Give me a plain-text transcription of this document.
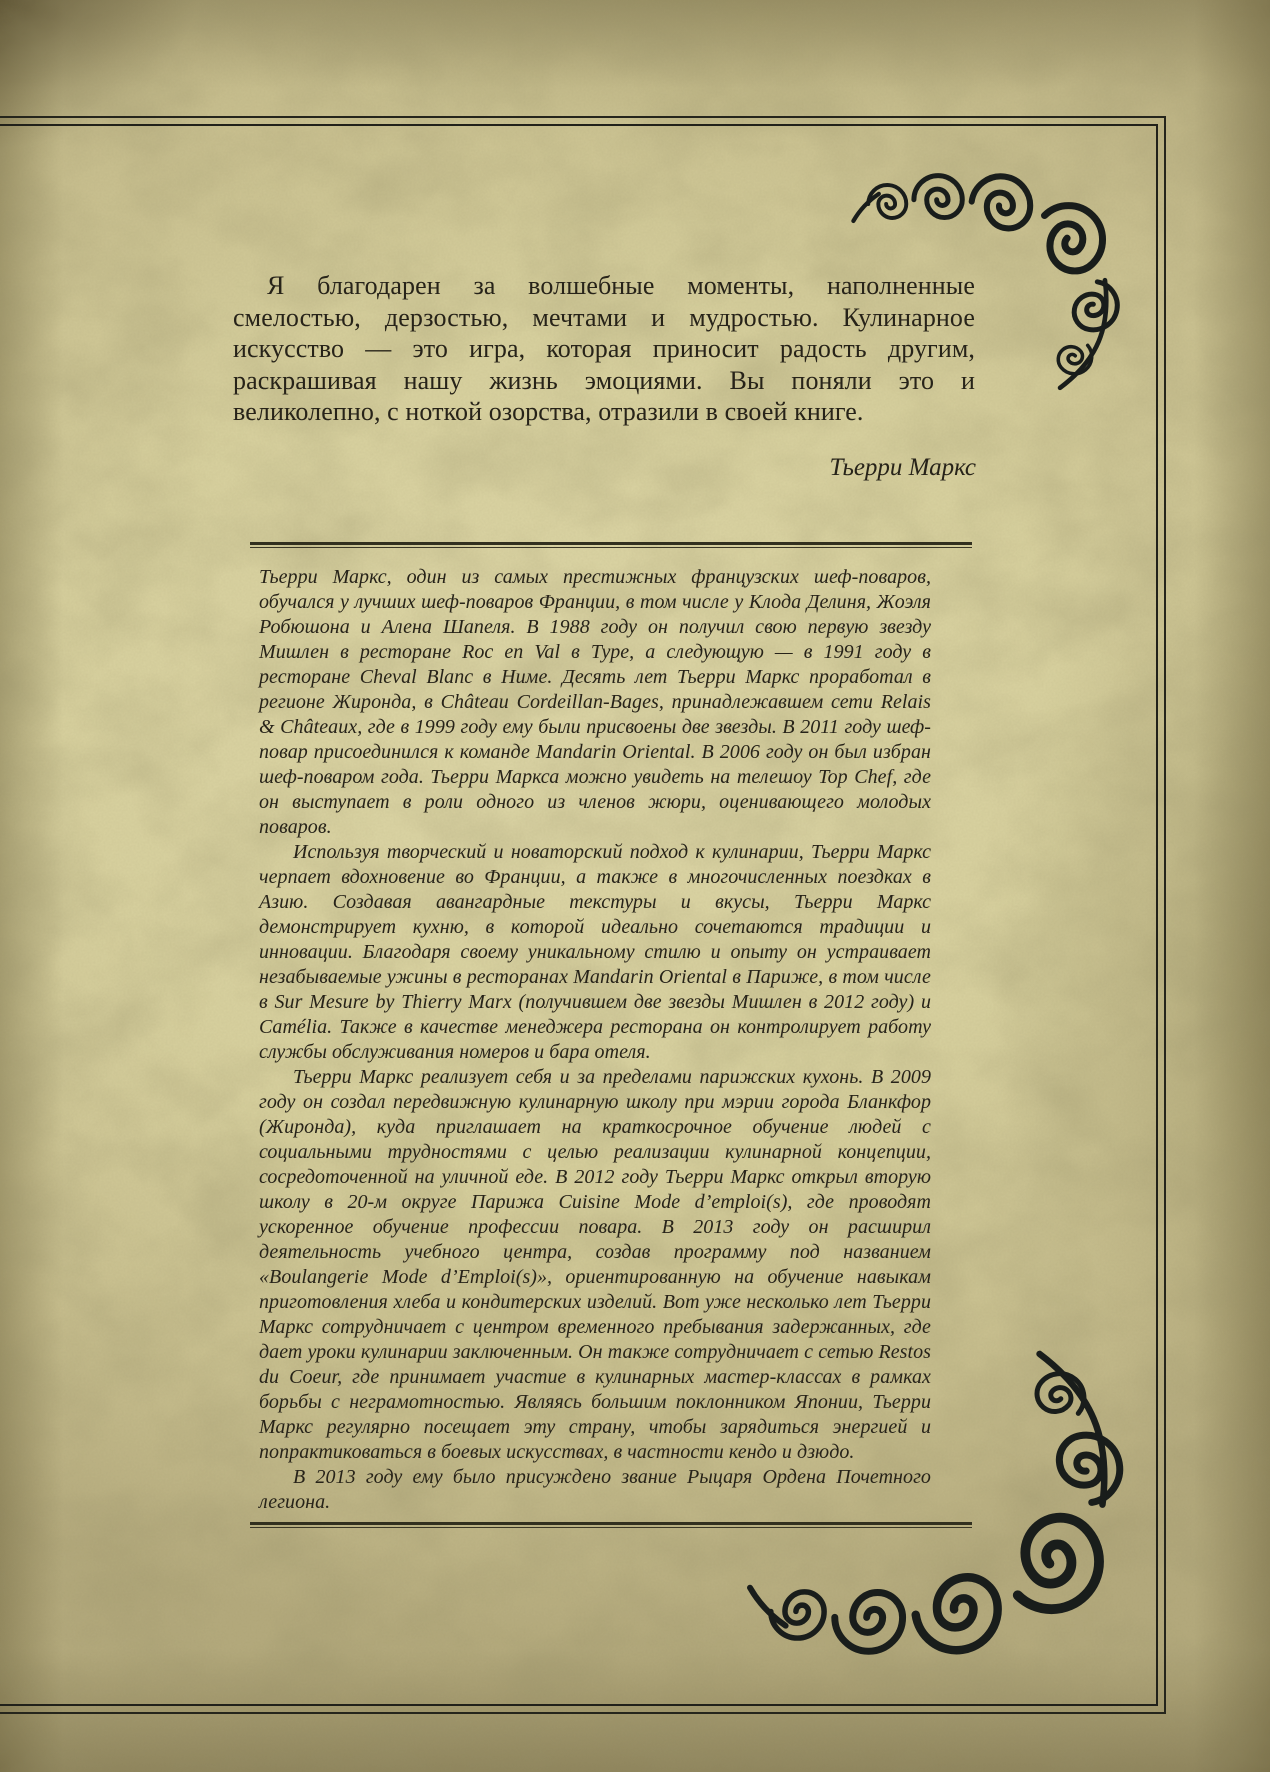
Я благодарен за волшебные моменты, наполненные смелостью, дерзостью, мечтами и мудростью. Кулинарное искусство — это игра, которая приносит радость другим, раскрашивая нашу жизнь эмоциями. Вы поняли это и великолепно, с ноткой озорства, отразили в своей книге.

Тьерри Маркс

Тьерри Маркс, один из самых престижных французских шеф-поваров, обучался у лучших шеф-поваров Франции, в том числе у Клода Делиня, Жоэля Робюшона и Алена Шапеля. В 1988 году он получил свою первую звезду Мишлен в ресторане Roc en Val в Туре, а следующую — в 1991 году в ресторане Cheval Blanc в Ниме. Десять лет Тьерри Маркс проработал в регионе Жиронда, в Château Cordeillan-Bages, принадлежавшем сети Relais & Châteaux, где в 1999 году ему были присвоены две звезды. В 2011 году шеф-повар присоединился к команде Mandarin Oriental. В 2006 году он был избран шеф-поваром года. Тьерри Маркса можно увидеть на телешоу Top Chef, где он выступает в роли одного из членов жюри, оценивающего молодых поваров.

Используя творческий и новаторский подход к кулинарии, Тьерри Маркс черпает вдохновение во Франции, а также в многочисленных поездках в Азию. Создавая авангардные текстуры и вкусы, Тьерри Маркс демонстрирует кухню, в которой идеально сочетаются традиции и инновации. Благодаря своему уникальному стилю и опыту он устраивает незабываемые ужины в ресторанах Mandarin Oriental в Париже, в том числе в Sur Mesure by Thierry Marx (получившем две звезды Мишлен в 2012 году) и Camélia. Также в качестве менеджера ресторана он контролирует работу службы обслуживания номеров и бара отеля.

Тьерри Маркс реализует себя и за пределами парижских кухонь. В 2009 году он создал передвижную кулинарную школу при мэрии города Бланкфор (Жиронда), куда приглашает на краткосрочное обучение людей с социальными трудностями с целью реализации кулинарной концепции, сосредоточенной на уличной еде. В 2012 году Тьерри Маркс открыл вторую школу в 20-м округе Парижа Cuisine Mode d’emploi(s), где проводят ускоренное обучение профессии повара. В 2013 году он расширил деятельность учебного центра, создав программу под названием «Boulangerie Mode d’Emploi(s)», ориентированную на обучение навыкам приготовления хлеба и кондитерских изделий. Вот уже несколько лет Тьерри Маркс сотрудничает с центром временного пребывания задержанных, где дает уроки кулинарии заключенным. Он также сотрудничает с сетью Restos du Coeur, где принимает участие в кулинарных мастер-классах в рамках борьбы с неграмотностью. Являясь большим поклонником Японии, Тьерри Маркс регулярно посещает эту страну, чтобы зарядиться энергией и попрактиковаться в боевых искусствах, в частности кендо и дзюдо.

В 2013 году ему было присуждено звание Рыцаря Ордена Почетного легиона.
